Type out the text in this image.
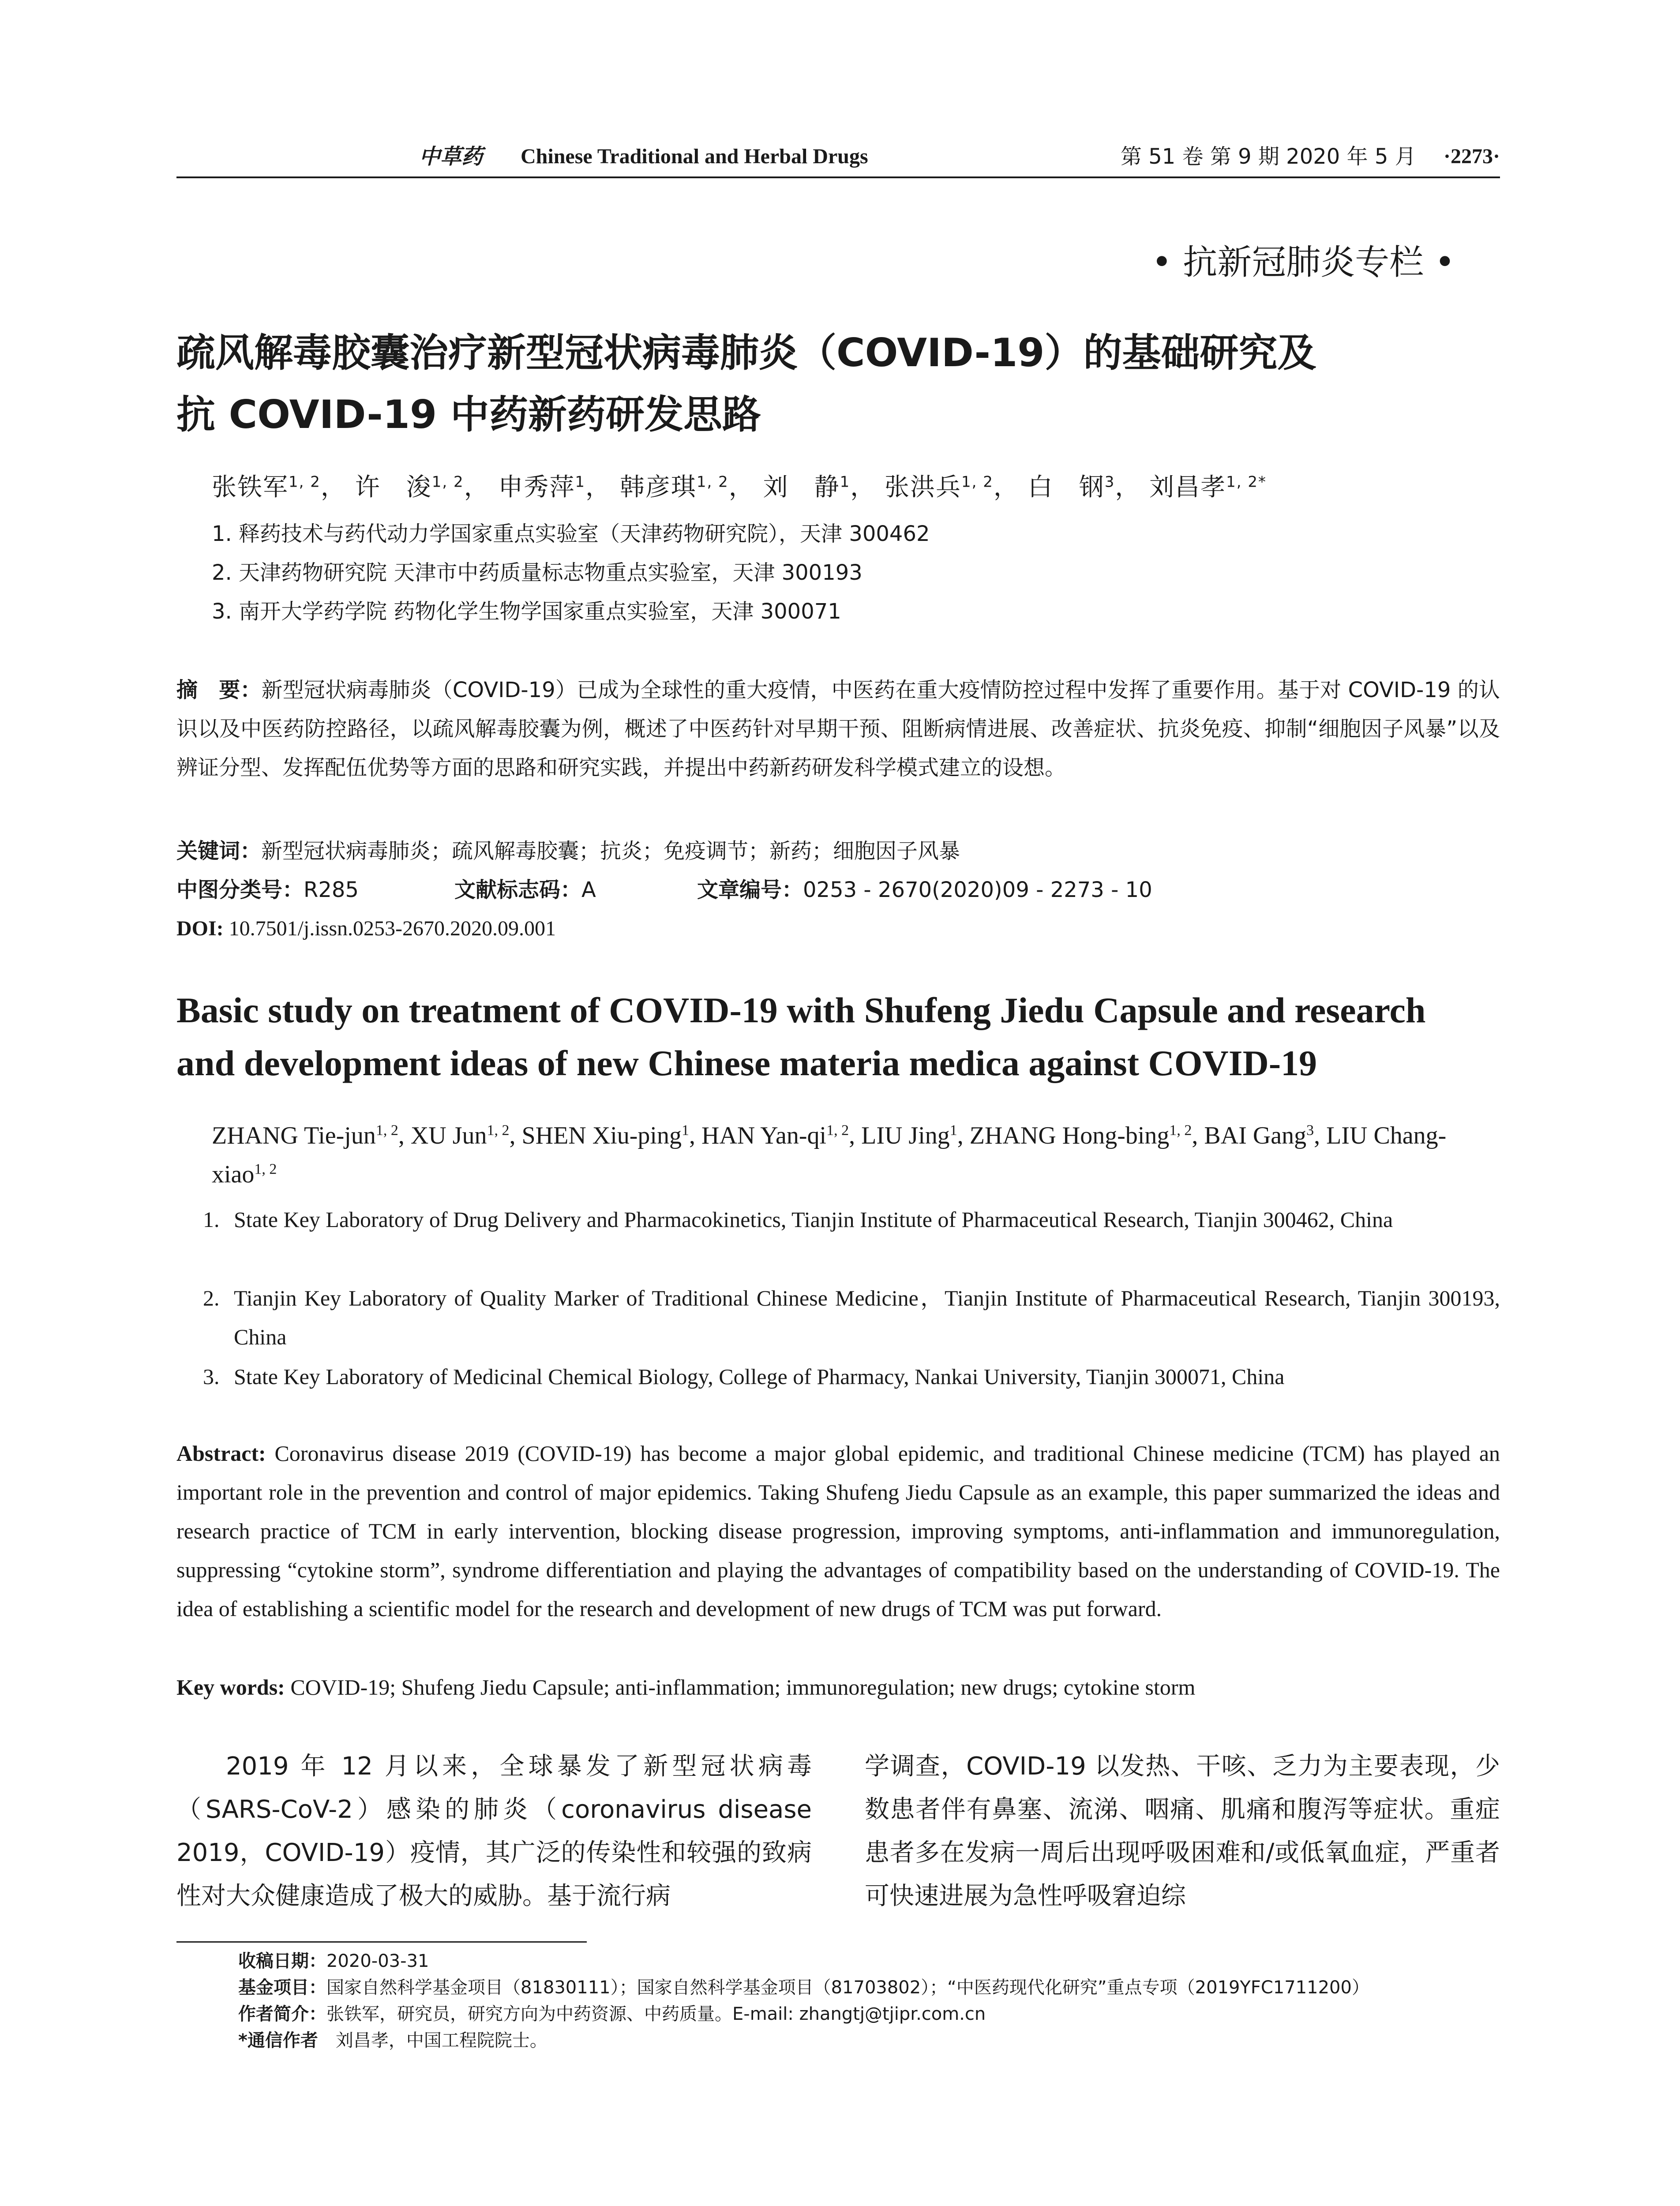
中草药 Chinese Traditional and Herbal Drugs	第 51 卷 第 9 期 2020 年 5 月 ·2273·
• 抗新冠肺炎专栏 •
疏风解毒胶囊治疗新型冠状病毒肺炎（COVID-19）的基础研究及
抗 COVID-19 中药新药研发思路
张铁军$^{1, 2}$， 许　浚$^{1, 2}$， 申秀萍$^1$， 韩彦琪$^{1, 2}$， 刘　静$^1$， 张洪兵$^{1, 2}$， 白　钢$^3$， 刘昌孝$^{1, 2*}$
1. 释药技术与药代动力学国家重点实验室（天津药物研究院），天津 300462
2. 天津药物研究院 天津市中药质量标志物重点实验室，天津 300193
3. 南开大学药学院 药物化学生物学国家重点实验室，天津 300071
摘　要：新型冠状病毒肺炎（COVID-19）已成为全球性的重大疫情，中医药在重大疫情防控过程中发挥了重要作用。基于对 COVID-19 的认识以及中医药防控路径，以疏风解毒胶囊为例，概述了中医药针对早期干预、阻断病情进展、改善症状、抗炎免疫、抑制“细胞因子风暴”以及辨证分型、发挥配伍优势等方面的思路和研究实践，并提出中药新药研发科学模式建立的设想。
关键词：新型冠状病毒肺炎；疏风解毒胶囊；抗炎；免疫调节；新药；细胞因子风暴
中图分类号：R285	文献标志码：A	文章编号：0253 - 2670(2020)09 - 2273 - 10
DOI: 10.7501/j.issn.0253-2670.2020.09.001
Basic study on treatment of COVID-19 with Shufeng Jiedu Capsule and research
and development ideas of new Chinese materia medica against COVID-19
ZHANG Tie-jun$^{1, 2}$, XU Jun$^{1, 2}$, SHEN Xiu-ping$^1$, HAN Yan-qi$^{1, 2}$, LIU Jing$^1$, ZHANG Hong-bing$^{1, 2}$, BAI Gang$^3$, LIU Chang-xiao$^{1, 2}$
1. State Key Laboratory of Drug Delivery and Pharmacokinetics, Tianjin Institute of Pharmaceutical Research, Tianjin 300462, China
2. Tianjin Key Laboratory of Quality Marker of Traditional Chinese Medicine，Tianjin Institute of Pharmaceutical Research, Tianjin 300193, China
3. State Key Laboratory of Medicinal Chemical Biology, College of Pharmacy, Nankai University, Tianjin 300071, China
Abstract: Coronavirus disease 2019 (COVID-19) has become a major global epidemic, and traditional Chinese medicine (TCM) has played an important role in the prevention and control of major epidemics. Taking Shufeng Jiedu Capsule as an example, this paper summarized the ideas and research practice of TCM in early intervention, blocking disease progression, improving symptoms, anti-inflammation and immunoregulation, suppressing “cytokine storm”, syndrome differentiation and playing the advantages of compatibility based on the understanding of COVID-19. The idea of establishing a scientific model for the research and development of new drugs of TCM was put forward.
Key words: COVID-19; Shufeng Jiedu Capsule; anti-inflammation; immunoregulation; new drugs; cytokine storm
2019 年 12 月以来，全球暴发了新型冠状病毒（SARS-CoV-2）感染的肺炎（coronavirus disease 2019，COVID-19）疫情，其广泛的传染性和较强的致病性对大众健康造成了极大的威胁。基于流行病
学调查，COVID-19 以发热、干咳、乏力为主要表现，少数患者伴有鼻塞、流涕、咽痛、肌痛和腹泻等症状。重症患者多在发病一周后出现呼吸困难和/或低氧血症，严重者可快速进展为急性呼吸窘迫综
收稿日期：2020-03-31
基金项目：国家自然科学基金项目（81830111）；国家自然科学基金项目（81703802）；“中医药现代化研究”重点专项（2019YFC1711200）
作者简介：张铁军，研究员，研究方向为中药资源、中药质量。E-mail: zhangtj@tjipr.com.cn
*通信作者　刘昌孝，中国工程院院士。
